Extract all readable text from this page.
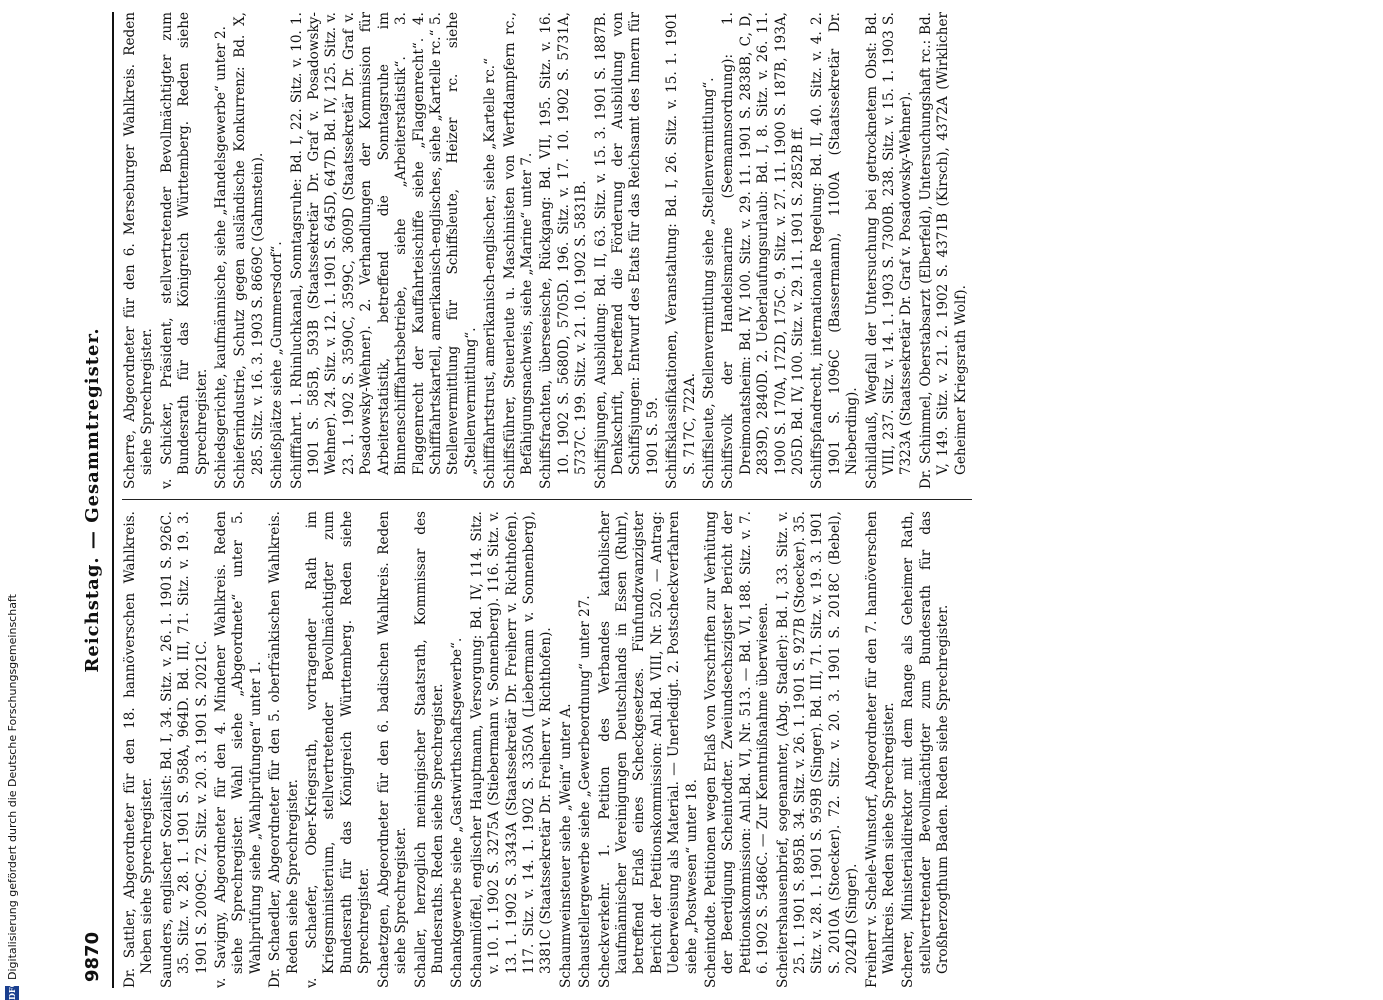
9870
Reichstag. — Gesammtregister.

Dr. Sattler, Abgeordneter für den 18. hannöverschen Wahlkreis. Neben siehe Sprechregister. Saunders, englischer Sozialist: Bd. I, 34. Sitz. v. 26. 1. 1901 S. 926C. 35. Sitz. v. 28. 1. 1901 S. 958A, 964D. Bd. III, 71. Sitz. v. 19. 3. 1901 S. 2009C. 72. Sitz. v. 20. 3. 1901 S. 2021C. v. Savigny, Abgeordneter für den 4. Mindener Wahlkreis. Reden siehe Sprechregister. Wahl siehe „Abgeordnete“ unter 5. Wahlprüfung siehe „Wahlprüfungen“ unter 1. Dr. Schaedler, Abgeordneter für den 5. oberfränkischen Wahlkreis. Reden siehe Sprechregister. v. Schaefer, Ober-Kriegsrath, vortragender Rath im Kriegsministerium, stellvertretender Bevollmächtigter zum Bundesrath für das Königreich Württemberg. Reden siehe Sprechregister. Schaetzgen, Abgeordneter für den 6. badischen Wahlkreis. Reden siehe Sprechregister. Schaller, herzoglich meiningischer Staatsrath, Kommissar des Bundesraths. Reden siehe Sprechregister. Schankgewerbe siehe „Gastwirthschaftsgewerbe“. Schaumlöffel, englischer Hauptmann, Versorgung: Bd. IV, 114. Sitz. v. 10. 1. 1902 S. 3275A (Stiebermann v. Sonnenberg). 116. Sitz. v. 13. 1. 1902 S. 3343A (Staatssekretär Dr. Freiherr v. Richthofen). 117. Sitz. v. 14. 1. 1902 S. 3350A (Liebermann v. Sonnenberg), 3381C (Staatssekretär Dr. Freiherr v. Richthofen). Schaumweinsteuer siehe „Wein“ unter A. Schaustellergewerbe siehe „Gewerbeordnung“ unter 27. Scheckverkehr. 1. Petition des Verbandes katholischer kaufmännischer Vereinigungen Deutschlands in Essen (Ruhr), betreffend Erlaß eines Scheckgesetzes. Fünfundzwanzigster Bericht der Petitionskommission: Anl.Bd. VIII, Nr. 520. — Antrag: Ueberweisung als Material. — Unerledigt. 2. Postscheckverfahren siehe „Postwesen“ unter 18. Scheintodte. Petitionen wegen Erlaß von Vorschriften zur Verhütung der Beerdigung Scheintodter. Zweiundsechszigster Bericht der Petitionskommission: Anl.Bd. VI, Nr. 513. — Bd. VI, 188. Sitz. v. 7. 6. 1902 S. 5486C. — Zur Kenntnißnahme überwiesen. Scheitershausenbrief, sogenannter, (Abg. Stadler): Bd. I, 33. Sitz. v. 25. 1. 1901 S. 895B. 34. Sitz. v. 26. 1. 1901 S. 927B (Stoecker). 35. Sitz. v. 28. 1. 1901 S. 959B (Singer). Bd. III, 71. Sitz. v. 19. 3. 1901 S. 2010A (Stoecker). 72. Sitz. v. 20. 3. 1901 S. 2018C (Bebel), 2024D (Singer). Freiherr v. Schele-Wunstorf, Abgeordneter für den 7. hannöverschen Wahlkreis. Reden siehe Sprechregister. Scherer, Ministerialdirektor mit dem Range als Geheimer Rath, stellvertretender Bevollmächtigter zum Bundesrath für das Großherzogthum Baden. Reden siehe Sprechregister.

Scherre, Abgeordneter für den 6. Merseburger Wahlkreis. Reden siehe Sprechregister. v. Schicker, Präsident, stellvertretender Bevollmächtigter zum Bundesrath für das Königreich Württemberg. Reden siehe Sprechregister. Schiedsgerichte, kaufmännische, siehe „Handelsgewerbe“ unter 2. Schieferindustrie, Schutz gegen ausländische Konkurrenz: Bd. X, 285. Sitz. v. 16. 3. 1903 S. 8669C (Gahmstein). Schießplätze siehe „Gummersdorf“. Schifffahrt. 1. Rhinluchkanal, Sonntagsruhe: Bd. I, 22. Sitz. v. 10. 1. 1901 S. 585B, 593B (Staatssekretär Dr. Graf v. Posadowsky-Wehner). 24. Sitz. v. 12. 1. 1901 S. 645D, 647D. Bd. IV, 125. Sitz. v. 23. 1. 1902 S. 3590C, 3599C, 3609D (Staatssekretär Dr. Graf v. Posadowsky-Wehner). 2. Verhandlungen der Kommission für Arbeiterstatistik, betreffend die Sonntagsruhe im Binnenschifffahrtsbetriebe, siehe „Arbeiterstatistik“. 3. Flaggenrecht der Kauffahrteischiffe siehe „Flaggenrecht“. 4. Schifffahrtskartell, amerikanisch-englisches, siehe „Kartelle rc.“ 5. Stellenvermittlung für Schiffsleute, Heizer rc. siehe „Stellenvermittlung“. Schifffahrtstrust, amerikanisch-englischer, siehe „Kartelle rc.“ Schiffsführer, Steuerleute u. Maschinisten von Werftdampfern rc., Befähigungsnachweis, siehe „Marine“ unter 7. Schiffsfrachten, überseeische, Rückgang: Bd. VII, 195. Sitz. v. 16. 10. 1902 S. 5680D, 5705D. 196. Sitz. v. 17. 10. 1902 S. 5731A, 5737C. 199. Sitz. v. 21. 10. 1902 S. 5831B. Schiffsjungen, Ausbildung: Bd. II, 63. Sitz. v. 15. 3. 1901 S. 1887B. Denkschrift, betreffend die Förderung der Ausbildung von Schiffsjungen: Entwurf des Etats für das Reichsamt des Innern für 1901 S. 59. Schiffsklassifikationen, Veranstaltung: Bd. I, 26. Sitz. v. 15. 1. 1901 S. 717C, 722A. Schiffsleute, Stellenvermittlung siehe „Stellenvermittlung“. Schiffsvolk der Handelsmarine (Seemannsordnung): 1. Dreimonatsheim: Bd. IV, 100. Sitz. v. 29. 11. 1901 S. 2838B, C, D, 2839D, 2840D. 2. Ueberlaufungsurlaub: Bd. I, 8. Sitz. v. 26. 11. 1900 S. 170A, 172D, 175C. 9. Sitz. v. 27. 11. 1900 S. 187B, 193A, 205D. Bd. IV, 100. Sitz. v. 29. 11. 1901 S. 2852B ff. Schiffspfandrecht, internationale Regelung: Bd. II, 40. Sitz. v. 4. 2. 1901 S. 1096C (Bassermann), 1100A (Staatssekretär Dr. Nieberding). Schildlauß, Wegfall der Untersuchung bei getrocknetem Obst: Bd. VIII, 237. Sitz. v. 14. 1. 1903 S. 7300B. 238. Sitz. v. 15. 1. 1903 S. 7323A (Staatssekretär Dr. Graf v. Posadowsky-Wehner). Dr. Schimmel, Oberstabsarzt (Elberfeld), Untersuchungshaft rc.: Bd. V, 149. Sitz. v. 21. 2. 1902 S. 4371B (Kirsch), 4372A (Wirklicher Geheimer Kriegsrath Wolf).

DFG
Digitalisierung gefördert durch die Deutsche Forschungsgemeinschaft
